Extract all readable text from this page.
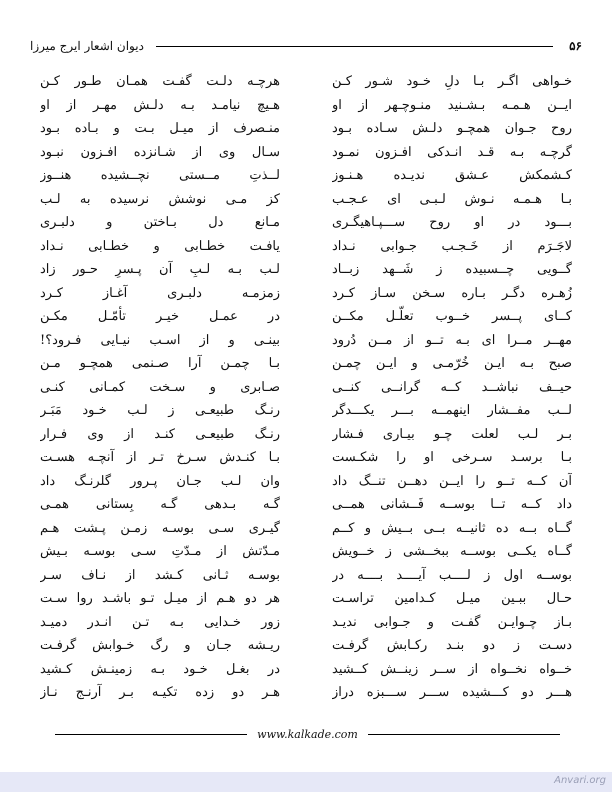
۵۶
دیوان اشعار ایرج میرزا
خـواهی اگـر بـا دلِ خـود شـور کـن
ایــن هـمـه بـشـنید منـوچـهر از او
روح جـوان همچـو دلـش سـاده بـود
گرچـه بـه قـد انـدکی افـزون نمـود
کـشمکش عـشق ندیـده هـنـوز
بـا هـمـه نـوش لـبـی ای عـجـب
بـــود در او روح ســـپـاهیگـری
لاجَـرَم از خَـجـب جـوابی نـداد
گــویی چــسبیده ز شَــهد زبــاد
زُهـره دگـر بـاره سـخن سـاز کـرد
کــای پــسر خــوب تعلّـل مکــن
مهــر مــرا ای بـه تــو از مــن دُرود
صبح بـه ایـن خُرّمـی و ایـن چمـن
حیــف نباشــد کــه گرانــی کنــی
لــب مفــشار اینهمــه بـــر یکـــدگر
بـر لـب لعلت چـو بیـاری فـشار
بـا برسـد سـرخی او را شکـست
آن کــه تــو را ایــن دهــن تنــگ داد
داد کــه تــا بوســه فَــشانی همــی
گــاه بــه ده ثانیــه بــی بــیش و کــم
گــاه یکــی بوســه ببخــشی ز خــویش
بوســه اول ز لــــب آیــــد بــــه در
حـال ببـین میـل کـدامین تراسـت
بـاز چـوایـن گفـت و جـوابی ندیـد
دسـت ز دو بنـد رکـابش گرفـت
خــواه نخــواه از ســر زینــش کــشید
هـــر دو کـــشیده ســـر ســـبزه دراز
هرچـه دلـت گفـت همـان طـور کـن
هـیچ نیامـد بـه دلـش مهـر از او
منـصرف از میـل بـت و بـاده بـود
سـال وی از شـانزده افـزون نبـود
لــذتِ مــستی نچــشیده هنــوز
کز مـی نوشش نرسیده به لـب
مـانع دل بـاختن و دلبـری
یافـت خطـابی و خطـابی نـداد
لـب بـه لـبِ آن پـسرِ حـور زاد
زمزمـه دلبـری آغـاز کـرد
در عمـل خیـر تأمّـل مکـن
بینـی و از اسـب نیـایی فـرود؟!
بـا چمـن آرا صـنمی همچـو مـن
صـابری و سـخت کمـانی کنـی
رنـگ طبیعـی ز لـب خـود مَبَـر
رنـگ طبیعـی کنـد از وی فـرار
بـا کنـدش سـرخ تـر از آنچـه هسـت
وان لـب جـان پـرور گلرنـگ داد
گـه بـدهی گـه بِستانی همـی
گیـری سـی بوسـه زمـن پـشت هـم
مـدّتش از مـدّتِ سـی بوسـه بـیش
بوسـه ثـانی کـشد از نـاف سـر
هر دو هـم از میـل تـو باشـد روا سـت
زور خـدایی بـه تـن انـدر دمیـد
ریـشه جـان و رگ خـوابش گرفـت
در بغـل خـود بـه زمینـش کـشید
هـر دو زده تکیـه بـر آرنـج نـاز
www.kalkade.com
Anvari.org
